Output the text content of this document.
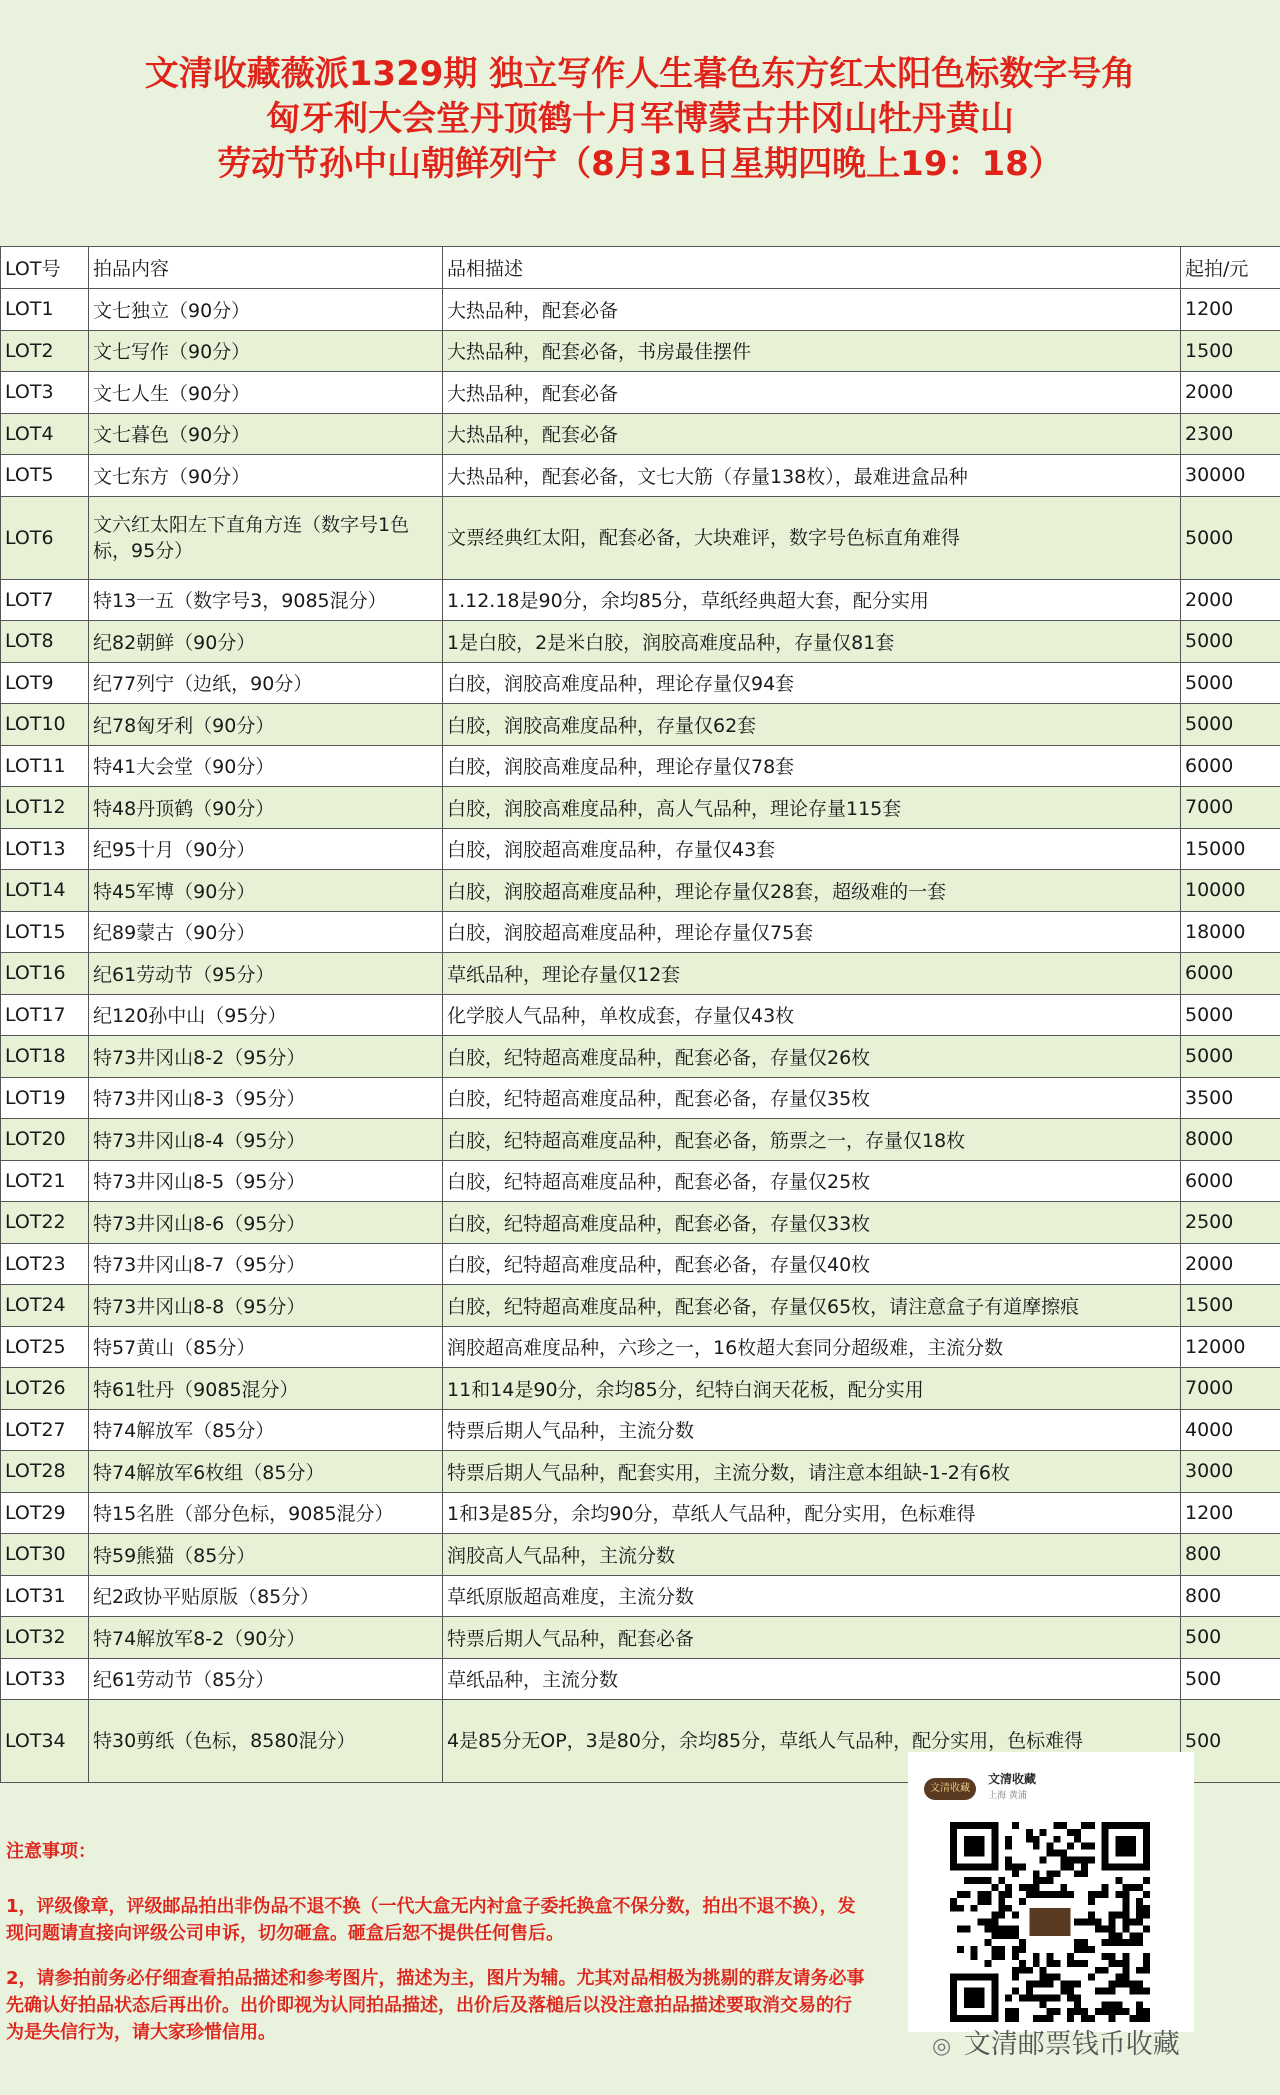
文清收藏薇派1329期 独立写作人生暮色东方红太阳色标数字号角
匈牙利大会堂丹顶鹤十月军博蒙古井冈山牡丹黄山
劳动节孙中山朝鲜列宁（8月31日星期四晚上19：18）
LOT号	拍品内容	品相描述	起拍/元
LOT1	文七独立（90分）	大热品种，配套必备	1200
LOT2	文七写作（90分）	大热品种，配套必备，书房最佳摆件	1500
LOT3	文七人生（90分）	大热品种，配套必备	2000
LOT4	文七暮色（90分）	大热品种，配套必备	2300
LOT5	文七东方（90分）	大热品种，配套必备，文七大筋（存量138枚），最难进盒品种	30000
LOT6	文六红太阳左下直角方连（数字号1色标，95分）	文票经典红太阳，配套必备，大块难评，数字号色标直角难得	5000
LOT7	特13一五（数字号3，9085混分）	1.12.18是90分，余均85分，草纸经典超大套，配分实用	2000
LOT8	纪82朝鲜（90分）	1是白胶，2是米白胶，润胶高难度品种，存量仅81套	5000
LOT9	纪77列宁（边纸，90分）	白胶，润胶高难度品种，理论存量仅94套	5000
LOT10	纪78匈牙利（90分）	白胶，润胶高难度品种，存量仅62套	5000
LOT11	特41大会堂（90分）	白胶，润胶高难度品种，理论存量仅78套	6000
LOT12	特48丹顶鹤（90分）	白胶，润胶高难度品种，高人气品种，理论存量115套	7000
LOT13	纪95十月（90分）	白胶，润胶超高难度品种，存量仅43套	15000
LOT14	特45军博（90分）	白胶，润胶超高难度品种，理论存量仅28套，超级难的一套	10000
LOT15	纪89蒙古（90分）	白胶，润胶超高难度品种，理论存量仅75套	18000
LOT16	纪61劳动节（95分）	草纸品种，理论存量仅12套	6000
LOT17	纪120孙中山（95分）	化学胶人气品种，单枚成套，存量仅43枚	5000
LOT18	特73井冈山8-2（95分）	白胶，纪特超高难度品种，配套必备，存量仅26枚	5000
LOT19	特73井冈山8-3（95分）	白胶，纪特超高难度品种，配套必备，存量仅35枚	3500
LOT20	特73井冈山8-4（95分）	白胶，纪特超高难度品种，配套必备，筋票之一，存量仅18枚	8000
LOT21	特73井冈山8-5（95分）	白胶，纪特超高难度品种，配套必备，存量仅25枚	6000
LOT22	特73井冈山8-6（95分）	白胶，纪特超高难度品种，配套必备，存量仅33枚	2500
LOT23	特73井冈山8-7（95分）	白胶，纪特超高难度品种，配套必备，存量仅40枚	2000
LOT24	特73井冈山8-8（95分）	白胶，纪特超高难度品种，配套必备，存量仅65枚，请注意盒子有道摩擦痕	1500
LOT25	特57黄山（85分）	润胶超高难度品种，六珍之一，16枚超大套同分超级难，主流分数	12000
LOT26	特61牡丹（9085混分）	11和14是90分，余均85分，纪特白润天花板，配分实用	7000
LOT27	特74解放军（85分）	特票后期人气品种，主流分数	4000
LOT28	特74解放军6枚组（85分）	特票后期人气品种，配套实用，主流分数，请注意本组缺-1-2有6枚	3000
LOT29	特15名胜（部分色标，9085混分）	1和3是85分，余均90分，草纸人气品种，配分实用，色标难得	1200
LOT30	特59熊猫（85分）	润胶高人气品种，主流分数	800
LOT31	纪2政协平贴原版（85分）	草纸原版超高难度，主流分数	800
LOT32	特74解放军8-2（90分）	特票后期人气品种，配套必备	500
LOT33	纪61劳动节（85分）	草纸品种，主流分数	500
LOT34	特30剪纸（色标，8580混分）	4是85分无OP，3是80分，余均85分，草纸人气品种，配分实用，色标难得	500

注意事项：

1，评级像章，评级邮品拍出非伪品不退不换（一代大盒无内衬盒子委托换盒不保分数，拍出不退不换），发现问题请直接向评级公司申诉，切勿砸盒。砸盒后恕不提供任何售后。

2，请参拍前务必仔细查看拍品描述和参考图片，描述为主，图片为辅。尤其对品相极为挑剔的群友请务必事先确认好拍品状态后再出价。出价即视为认同拍品描述，出价后及落槌后以没注意拍品描述要取消交易的行为是失信行为，请大家珍惜信用。

文清收藏
文清收藏
上海 黄浦
◎ 文清邮票钱币收藏
